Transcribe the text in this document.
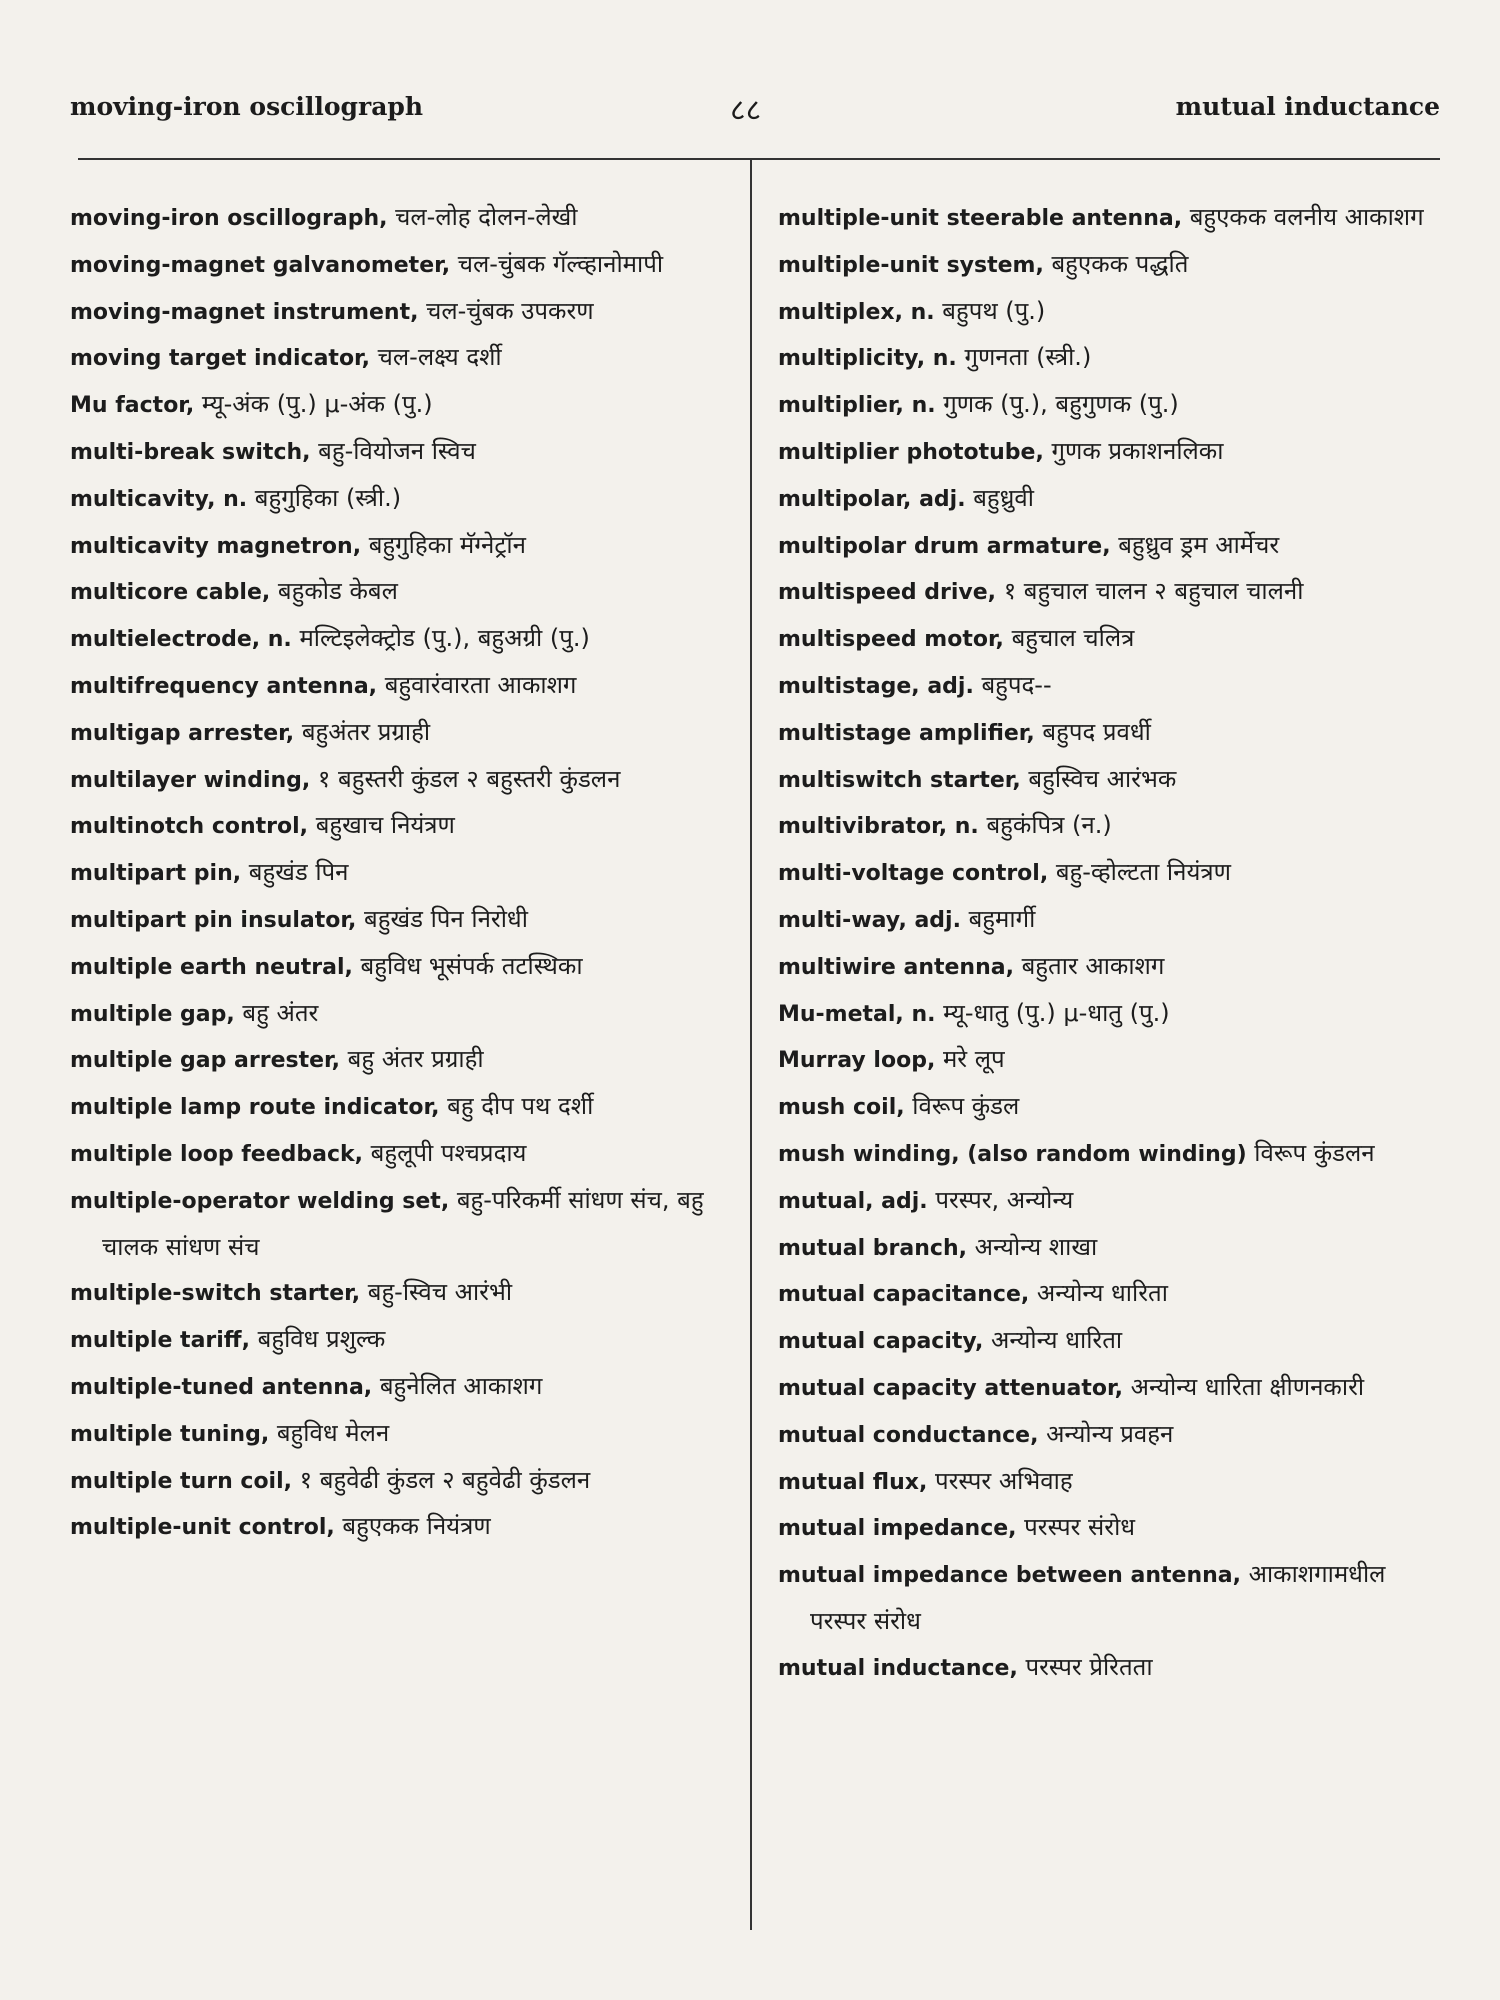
moving-iron oscillograph	८८	mutual inductance
moving-iron oscillograph, चल-लोह दोलन-लेखी
moving-magnet galvanometer, चल-चुंबक गॅल्व्हानोमापी
moving-magnet instrument, चल-चुंबक उपकरण
moving target indicator, चल-लक्ष्य दर्शी
Mu factor, म्यू-अंक (पु.) μ-अंक (पु.)
multi-break switch, बहु-वियोजन स्विच
multicavity, n. बहुगुहिका (स्त्री.)
multicavity magnetron, बहुगुहिका मॅग्नेट्रॉन
multicore cable, बहुकोड केबल
multielectrode, n. मल्टिइलेक्ट्रोड (पु.), बहुअग्री (पु.)
multifrequency antenna, बहुवारंवारता आकाशग
multigap arrester, बहुअंतर प्रग्राही
multilayer winding, १ बहुस्तरी कुंडल २ बहुस्तरी कुंडलन
multinotch control, बहुखाच नियंत्रण
multipart pin, बहुखंड पिन
multipart pin insulator, बहुखंड पिन निरोधी
multiple earth neutral, बहुविध भूसंपर्क तटस्थिका
multiple gap, बहु अंतर
multiple gap arrester, बहु अंतर प्रग्राही
multiple lamp route indicator, बहु दीप पथ दर्शी
multiple loop feedback, बहुलूपी पश्चप्रदाय
multiple-operator welding set, बहु-परिकर्मी सांधण संच, बहु चालक सांधण संच
multiple-switch starter, बहु-स्विच आरंभी
multiple tariff, बहुविध प्रशुल्क
multiple-tuned antenna, बहुनेलित आकाशग
multiple tuning, बहुविध मेलन
multiple turn coil, १ बहुवेढी कुंडल २ बहुवेढी कुंडलन
multiple-unit control, बहुएकक नियंत्रण
multiple-unit steerable antenna, बहुएकक वलनीय आकाशग
multiple-unit system, बहुएकक पद्धति
multiplex, n. बहुपथ (पु.)
multiplicity, n. गुणनता (स्त्री.)
multiplier, n. गुणक (पु.), बहुगुणक (पु.)
multiplier phototube, गुणक प्रकाशनलिका
multipolar, adj. बहुध्रुवी
multipolar drum armature, बहुध्रुव ड्रम आर्मेचर
multispeed drive, १ बहुचाल चालन २ बहुचाल चालनी
multispeed motor, बहुचाल चलित्र
multistage, adj. बहुपद--
multistage amplifier, बहुपद प्रवर्धी
multiswitch starter, बहुस्विच आरंभक
multivibrator, n. बहुकंपित्र (न.)
multi-voltage control, बहु-व्होल्टता नियंत्रण
multi-way, adj. बहुमार्गी
multiwire antenna, बहुतार आकाशग
Mu-metal, n. म्यू-धातु (पु.) μ-धातु (पु.)
Murray loop, मरे लूप
mush coil, विरूप कुंडल
mush winding, (also random winding) विरूप कुंडलन
mutual, adj. परस्पर, अन्योन्य
mutual branch, अन्योन्य शाखा
mutual capacitance, अन्योन्य धारिता
mutual capacity, अन्योन्य धारिता
mutual capacity attenuator, अन्योन्य धारिता क्षीणनकारी
mutual conductance, अन्योन्य प्रवहन
mutual flux, परस्पर अभिवाह
mutual impedance, परस्पर संरोध
mutual impedance between antenna, आकाशगामधील परस्पर संरोध
mutual inductance, परस्पर प्रेरितता
